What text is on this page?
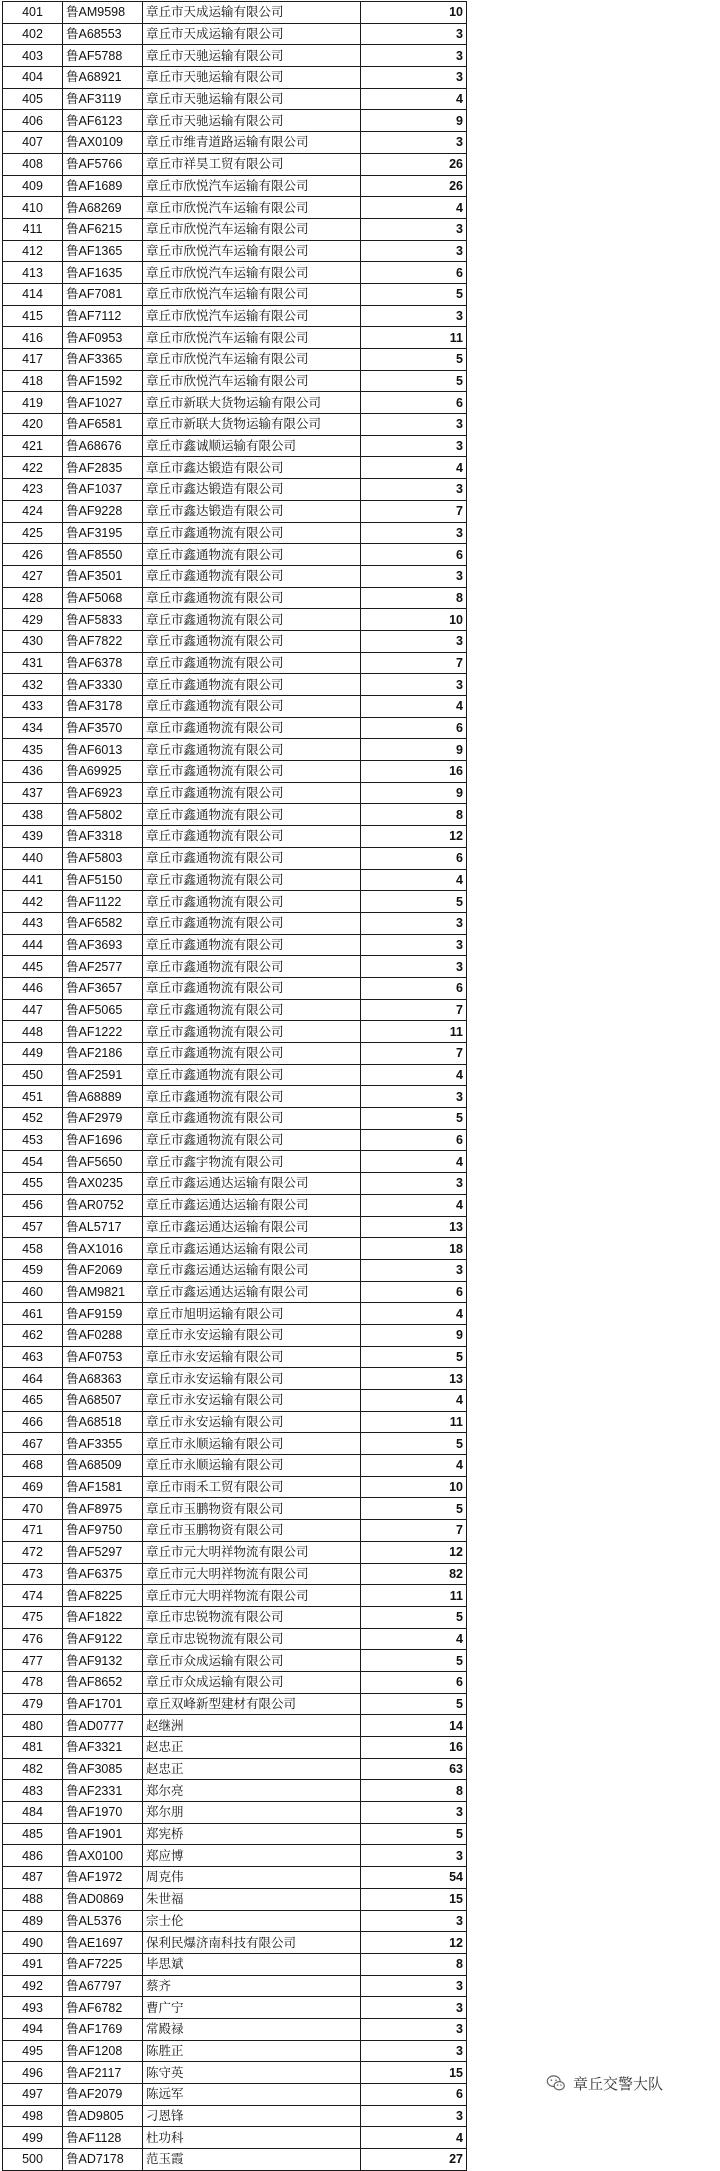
401	鲁AM9598	章丘市天成运输有限公司	10
402	鲁A68553	章丘市天成运输有限公司	3
403	鲁AF5788	章丘市天驰运输有限公司	3
404	鲁A68921	章丘市天驰运输有限公司	3
405	鲁AF3119	章丘市天驰运输有限公司	4
406	鲁AF6123	章丘市天驰运输有限公司	9
407	鲁AX0109	章丘市维青道路运输有限公司	3
408	鲁AF5766	章丘市祥昊工贸有限公司	26
409	鲁AF1689	章丘市欣悦汽车运输有限公司	26
410	鲁A68269	章丘市欣悦汽车运输有限公司	4
411	鲁AF6215	章丘市欣悦汽车运输有限公司	3
412	鲁AF1365	章丘市欣悦汽车运输有限公司	3
413	鲁AF1635	章丘市欣悦汽车运输有限公司	6
414	鲁AF7081	章丘市欣悦汽车运输有限公司	5
415	鲁AF7112	章丘市欣悦汽车运输有限公司	3
416	鲁AF0953	章丘市欣悦汽车运输有限公司	11
417	鲁AF3365	章丘市欣悦汽车运输有限公司	5
418	鲁AF1592	章丘市欣悦汽车运输有限公司	5
419	鲁AF1027	章丘市新联大货物运输有限公司	6
420	鲁AF6581	章丘市新联大货物运输有限公司	3
421	鲁A68676	章丘市鑫诚顺运输有限公司	3
422	鲁AF2835	章丘市鑫达锻造有限公司	4
423	鲁AF1037	章丘市鑫达锻造有限公司	3
424	鲁AF9228	章丘市鑫达锻造有限公司	7
425	鲁AF3195	章丘市鑫通物流有限公司	3
426	鲁AF8550	章丘市鑫通物流有限公司	6
427	鲁AF3501	章丘市鑫通物流有限公司	3
428	鲁AF5068	章丘市鑫通物流有限公司	8
429	鲁AF5833	章丘市鑫通物流有限公司	10
430	鲁AF7822	章丘市鑫通物流有限公司	3
431	鲁AF6378	章丘市鑫通物流有限公司	7
432	鲁AF3330	章丘市鑫通物流有限公司	3
433	鲁AF3178	章丘市鑫通物流有限公司	4
434	鲁AF3570	章丘市鑫通物流有限公司	6
435	鲁AF6013	章丘市鑫通物流有限公司	9
436	鲁A69925	章丘市鑫通物流有限公司	16
437	鲁AF6923	章丘市鑫通物流有限公司	9
438	鲁AF5802	章丘市鑫通物流有限公司	8
439	鲁AF3318	章丘市鑫通物流有限公司	12
440	鲁AF5803	章丘市鑫通物流有限公司	6
441	鲁AF5150	章丘市鑫通物流有限公司	4
442	鲁AF1122	章丘市鑫通物流有限公司	5
443	鲁AF6582	章丘市鑫通物流有限公司	3
444	鲁AF3693	章丘市鑫通物流有限公司	3
445	鲁AF2577	章丘市鑫通物流有限公司	3
446	鲁AF3657	章丘市鑫通物流有限公司	6
447	鲁AF5065	章丘市鑫通物流有限公司	7
448	鲁AF1222	章丘市鑫通物流有限公司	11
449	鲁AF2186	章丘市鑫通物流有限公司	7
450	鲁AF2591	章丘市鑫通物流有限公司	4
451	鲁A68889	章丘市鑫通物流有限公司	3
452	鲁AF2979	章丘市鑫通物流有限公司	5
453	鲁AF1696	章丘市鑫通物流有限公司	6
454	鲁AF5650	章丘市鑫宇物流有限公司	4
455	鲁AX0235	章丘市鑫运通达运输有限公司	3
456	鲁AR0752	章丘市鑫运通达运输有限公司	4
457	鲁AL5717	章丘市鑫运通达运输有限公司	13
458	鲁AX1016	章丘市鑫运通达运输有限公司	18
459	鲁AF2069	章丘市鑫运通达运输有限公司	3
460	鲁AM9821	章丘市鑫运通达运输有限公司	6
461	鲁AF9159	章丘市旭明运输有限公司	4
462	鲁AF0288	章丘市永安运输有限公司	9
463	鲁AF0753	章丘市永安运输有限公司	5
464	鲁A68363	章丘市永安运输有限公司	13
465	鲁A68507	章丘市永安运输有限公司	4
466	鲁A68518	章丘市永安运输有限公司	11
467	鲁AF3355	章丘市永顺运输有限公司	5
468	鲁A68509	章丘市永顺运输有限公司	4
469	鲁AF1581	章丘市雨禾工贸有限公司	10
470	鲁AF8975	章丘市玉鹏物资有限公司	5
471	鲁AF9750	章丘市玉鹏物资有限公司	7
472	鲁AF5297	章丘市元大明祥物流有限公司	12
473	鲁AF6375	章丘市元大明祥物流有限公司	82
474	鲁AF8225	章丘市元大明祥物流有限公司	11
475	鲁AF1822	章丘市忠锐物流有限公司	5
476	鲁AF9122	章丘市忠锐物流有限公司	4
477	鲁AF9132	章丘市众成运输有限公司	5
478	鲁AF8652	章丘市众成运输有限公司	6
479	鲁AF1701	章丘双峰新型建材有限公司	5
480	鲁AD0777	赵继洲	14
481	鲁AF3321	赵忠正	16
482	鲁AF3085	赵忠正	63
483	鲁AF2331	郑尔亮	8
484	鲁AF1970	郑尔朋	3
485	鲁AF1901	郑宪桥	5
486	鲁AX0100	郑应博	3
487	鲁AF1972	周克伟	54
488	鲁AD0869	朱世福	15
489	鲁AL5376	宗士伦	3
490	鲁AE1697	保利民爆济南科技有限公司	12
491	鲁AF7225	毕思斌	8
492	鲁A67797	蔡齐	3
493	鲁AF6782	曹广宁	3
494	鲁AF1769	常殿禄	3
495	鲁AF1208	陈胜正	3
496	鲁AF2117	陈守英	15
497	鲁AF2079	陈远军	6
498	鲁AD9805	刁恩锋	3
499	鲁AF1128	杜功科	4
500	鲁AD7178	范玉霞	27
章丘交警大队
